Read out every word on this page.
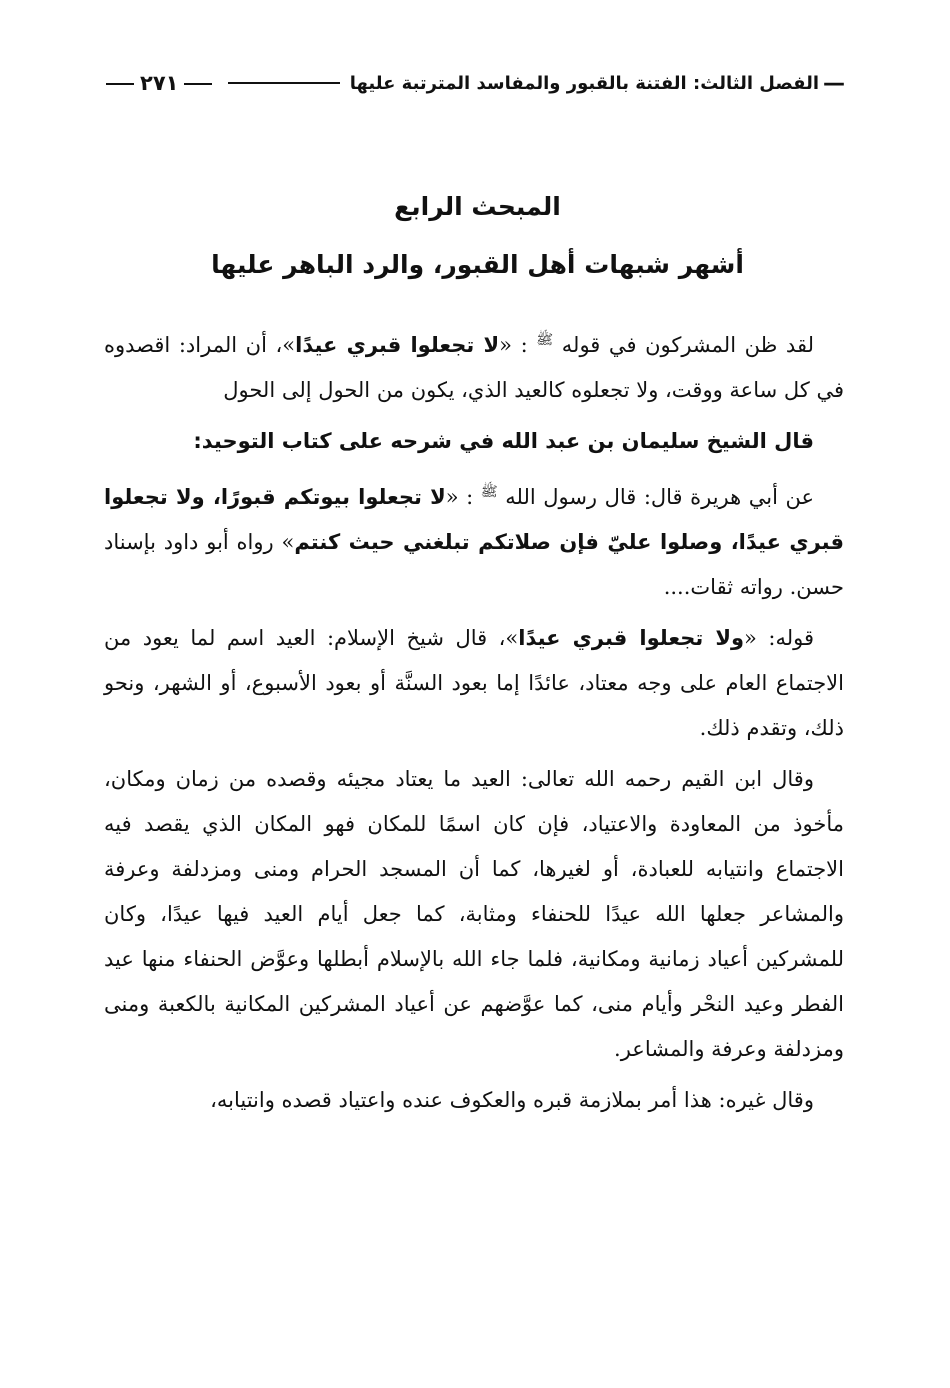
—
الفصل الثالث: الفتنة بالقبور والمفاسد المترتبة عليها
٢٧١
المبحث الرابع
أشهر شبهات أهل القبور، والرد الباهر عليها

لقد ظن المشركون في قوله $^ﷺ$ : «لا تجعلوا قبري عيدًا»، أن المراد: اقصدوه في كل ساعة ووقت، ولا تجعلوه كالعيد الذي، يكون من الحول إلى الحول

قال الشيخ سليمان بن عبد الله في شرحه على كتاب التوحيد:

عن أبي هريرة قال: قال رسول الله $^ﷺ$ : «لا تجعلوا بيوتكم قبورًا، ولا تجعلوا قبري عيدًا، وصلوا عليّ فإن صلاتكم تبلغني حيث كنتم» رواه أبو داود بإسناد حسن. رواته ثقات....

قوله: «ولا تجعلوا قبري عيدًا»، قال شيخ الإسلام: العيد اسم لما يعود من الاجتماع العام على وجه معتاد، عائدًا إما بعود السنَّة أو بعود الأسبوع، أو الشهر، ونحو ذلك، وتقدم ذلك.

وقال ابن القيم رحمه الله تعالى: العيد ما يعتاد مجيئه وقصده من زمان ومكان، مأخوذ من المعاودة والاعتياد، فإن كان اسمًا للمكان فهو المكان الذي يقصد فيه الاجتماع وانتيابه للعبادة، أو لغيرها، كما أن المسجد الحرام ومنى ومزدلفة وعرفة والمشاعر جعلها الله عيدًا للحنفاء ومثابة، كما جعل أيام العيد فيها عيدًا، وكان للمشركين أعياد زمانية ومكانية، فلما جاء الله بالإسلام أبطلها وعوَّض الحنفاء منها عيد الفطر وعيد النحْر وأيام منى، كما عوَّضهم عن أعياد المشركين المكانية بالكعبة ومنى ومزدلفة وعرفة والمشاعر.

وقال غيره: هذا أمر بملازمة قبره والعكوف عنده واعتياد قصده وانتيابه،
